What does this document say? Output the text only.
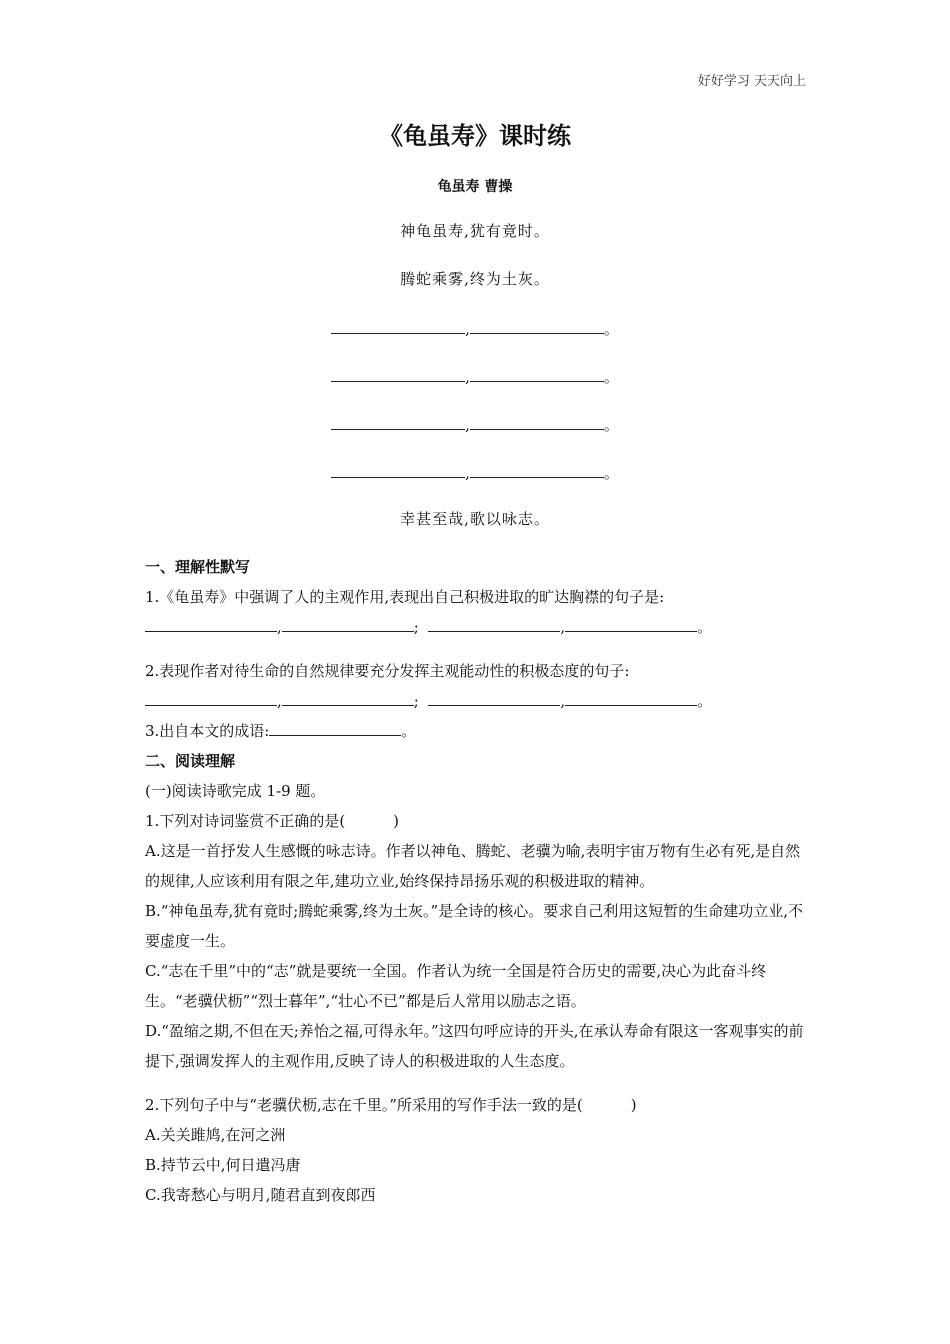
好好学习 天天向上
《龟虽寿》课时练
龟虽寿 曹操
神龟虽寿,犹有竟时。
腾蛇乘雾,终为土灰。
,	。
,	。
,	。
,	。
幸甚至哉,歌以咏志。

一、理解性默写

1.《龟虽寿》中强调了人的主观作用,表现出自己积极进取的旷达胸襟的句子是:

,	;	,	。

2.表现作者对待生命的自然规律要充分发挥主观能动性的积极态度的句子:

,	;	,	。

3.出自本文的成语:	。

二、阅读理解

(一)阅读诗歌完成 1-9 题。

1.下列对诗词鉴赏不正确的是(	)

A.这是一首抒发人生感慨的咏志诗。作者以神龟、腾蛇、老骥为喻,表明宇宙万物有生必有死,是自然的规律,人应该利用有限之年,建功立业,始终保持昂扬乐观的积极进取的精神。

B.“神龟虽寿,犹有竟时;腾蛇乘雾,终为土灰。”是全诗的核心。要求自己利用这短暂的生命建功立业,不要虚度一生。

C.“志在千里”中的“志”就是要统一全国。作者认为统一全国是符合历史的需要,决心为此奋斗终生。“老骥伏枥”“烈士暮年”,“壮心不已”都是后人常用以励志之语。

D.“盈缩之期,不但在天;养怡之福,可得永年。”这四句呼应诗的开头,在承认寿命有限这一客观事实的前提下,强调发挥人的主观作用,反映了诗人的积极进取的人生态度。

2.下列句子中与“老骥伏枥,志在千里。”所采用的写作手法一致的是(	)

A.关关雎鸠,在河之洲

B.持节云中,何日遣冯唐

C.我寄愁心与明月,随君直到夜郎西
